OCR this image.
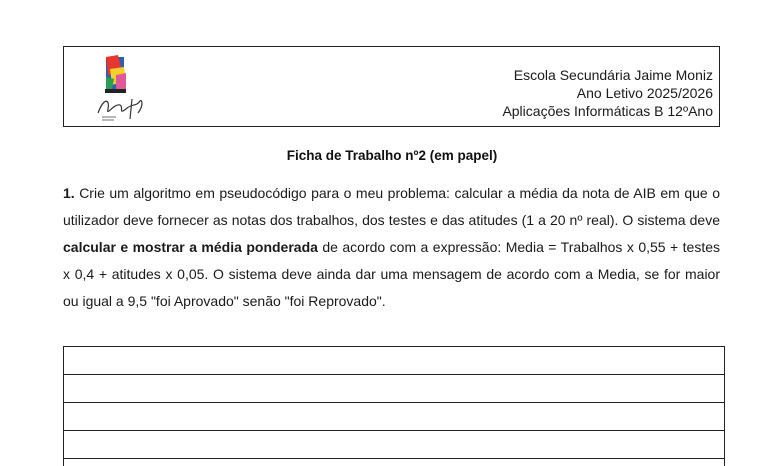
Escola Secundária Jaime Moniz
Ano Letivo 2025/2026
Aplicações Informáticas B 12ºAno
Ficha de Trabalho nº2 (em papel)
1. Crie um algoritmo em pseudocódigo para o meu problema: calcular a média da nota de AIB em que o utilizador deve fornecer as notas dos trabalhos, dos testes e das atitudes (1 a 20 nº real). O sistema deve calcular e mostrar a média ponderada de acordo com a expressão: Media = Trabalhos x 0,55 + testes x 0,4 + atitudes x 0,05. O sistema deve ainda dar uma mensagem de acordo com a Media, se for maior ou igual a 9,5 "foi Aprovado" senão "foi Reprovado".
